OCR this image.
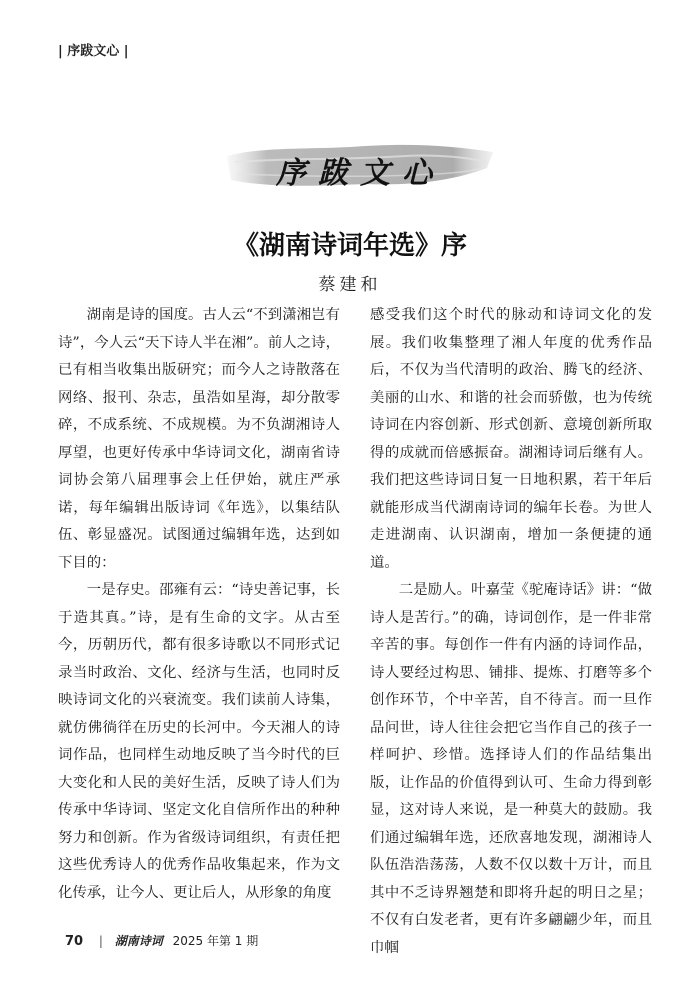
| 序跋文心 |
序跋文心
《湖南诗词年选》序
蔡建和

湖南是诗的国度。古人云“不到潇湘岂有诗”，今人云“天下诗人半在湘”。前人之诗，已有相当收集出版研究；而今人之诗散落在网络、报刊、杂志，虽浩如星海，却分散零碎，不成系统、不成规模。为不负湖湘诗人厚望，也更好传承中华诗词文化，湖南省诗词协会第八届理事会上任伊始，就庄严承诺，每年编辑出版诗词《年选》，以集结队伍、彰显盛况。试图通过编辑年选，达到如下目的：

一是存史。邵雍有云：“诗史善记事，长于造其真。”诗，是有生命的文字。从古至今，历朝历代，都有很多诗歌以不同形式记录当时政治、文化、经济与生活，也同时反映诗词文化的兴衰流变。我们读前人诗集，就仿佛徜徉在历史的长河中。今天湘人的诗词作品，也同样生动地反映了当今时代的巨大变化和人民的美好生活，反映了诗人们为传承中华诗词、坚定文化自信所作出的种种努力和创新。作为省级诗词组织，有责任把这些优秀诗人的优秀作品收集起来，作为文化传承，让今人、更让后人，从形象的角度

感受我们这个时代的脉动和诗词文化的发展。我们收集整理了湘人年度的优秀作品后，不仅为当代清明的政治、腾飞的经济、美丽的山水、和谐的社会而骄傲，也为传统诗词在内容创新、形式创新、意境创新所取得的成就而倍感振奋。湖湘诗词后继有人。我们把这些诗词日复一日地积累，若干年后就能形成当代湖南诗词的编年长卷。为世人走进湖南、认识湖南，增加一条便捷的通道。

二是励人。叶嘉莹《驼庵诗话》讲：“做诗人是苦行。”的确，诗词创作，是一件非常辛苦的事。每创作一件有内涵的诗词作品，诗人要经过构思、铺排、提炼、打磨等多个创作环节，个中辛苦，自不待言。而一旦作品问世，诗人往往会把它当作自己的孩子一样呵护、珍惜。选择诗人们的作品结集出版，让作品的价值得到认可、生命力得到彰显，这对诗人来说，是一种莫大的鼓励。我们通过编辑年选，还欣喜地发现，湖湘诗人队伍浩浩荡荡，人数不仅以数十万计，而且其中不乏诗界翘楚和即将升起的明日之星；不仅有白发老者，更有许多翩翩少年，而且巾帼

70 | 湖南诗词 2025 年第 1 期
